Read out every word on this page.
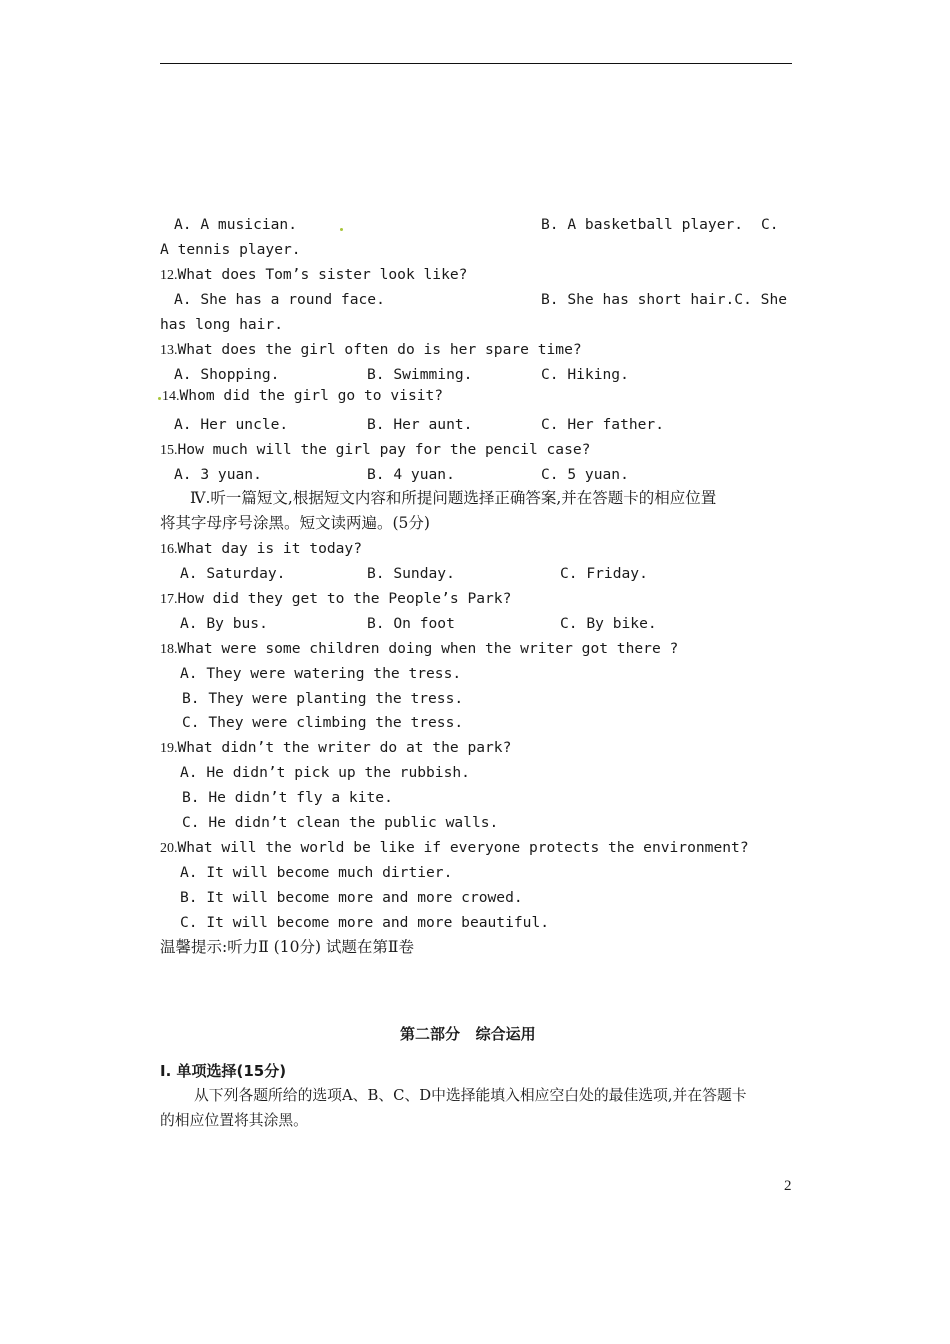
A. A musician.	B. A basketball player. C.
A tennis player.
12.What does Tom’s sister look like?
A. She has a round face.	B. She has short hair.C. She
has long hair.
13.What does the girl often do is her spare time?
A. Shopping.	B. Swimming.	C. Hiking.
14.Whom did the girl go to visit?
A. Her uncle.	B. Her aunt.	C. Her father.
15.How much will the girl pay for the pencil case?
A. 3 yuan.	B. 4 yuan.	C. 5 yuan.
Ⅳ.听一篇短文,根据短文内容和所提问题选择正确答案,并在答题卡的相应位置
将其字母序号涂黑。短文读两遍。(5分)
16.What day is it today?
A. Saturday.	B. Sunday.	C. Friday.
17.How did they get to the People’s Park?
A. By bus.	B. On foot	C. By bike.
18.What were some children doing when the writer got there ?
A. They were watering the tress.
B. They were planting the tress.
C. They were climbing the tress.
19.What didn’t the writer do at the park?
A. He didn’t pick up the rubbish.
B. He didn’t fly a kite.
C. He didn’t clean the public walls.
20.What will the world be like if everyone protects the environment?
A. It will become much dirtier.
B. It will become more and more crowed.
C. It will become more and more beautiful.
温馨提示:听力Ⅱ (10分) 试题在第Ⅱ卷
第二部分   综合运用
Ⅰ. 单项选择(15分)
从下列各题所给的选项A、B、C、D中选择能填入相应空白处的最佳选项,并在答题卡
的相应位置将其涂黑。
2
